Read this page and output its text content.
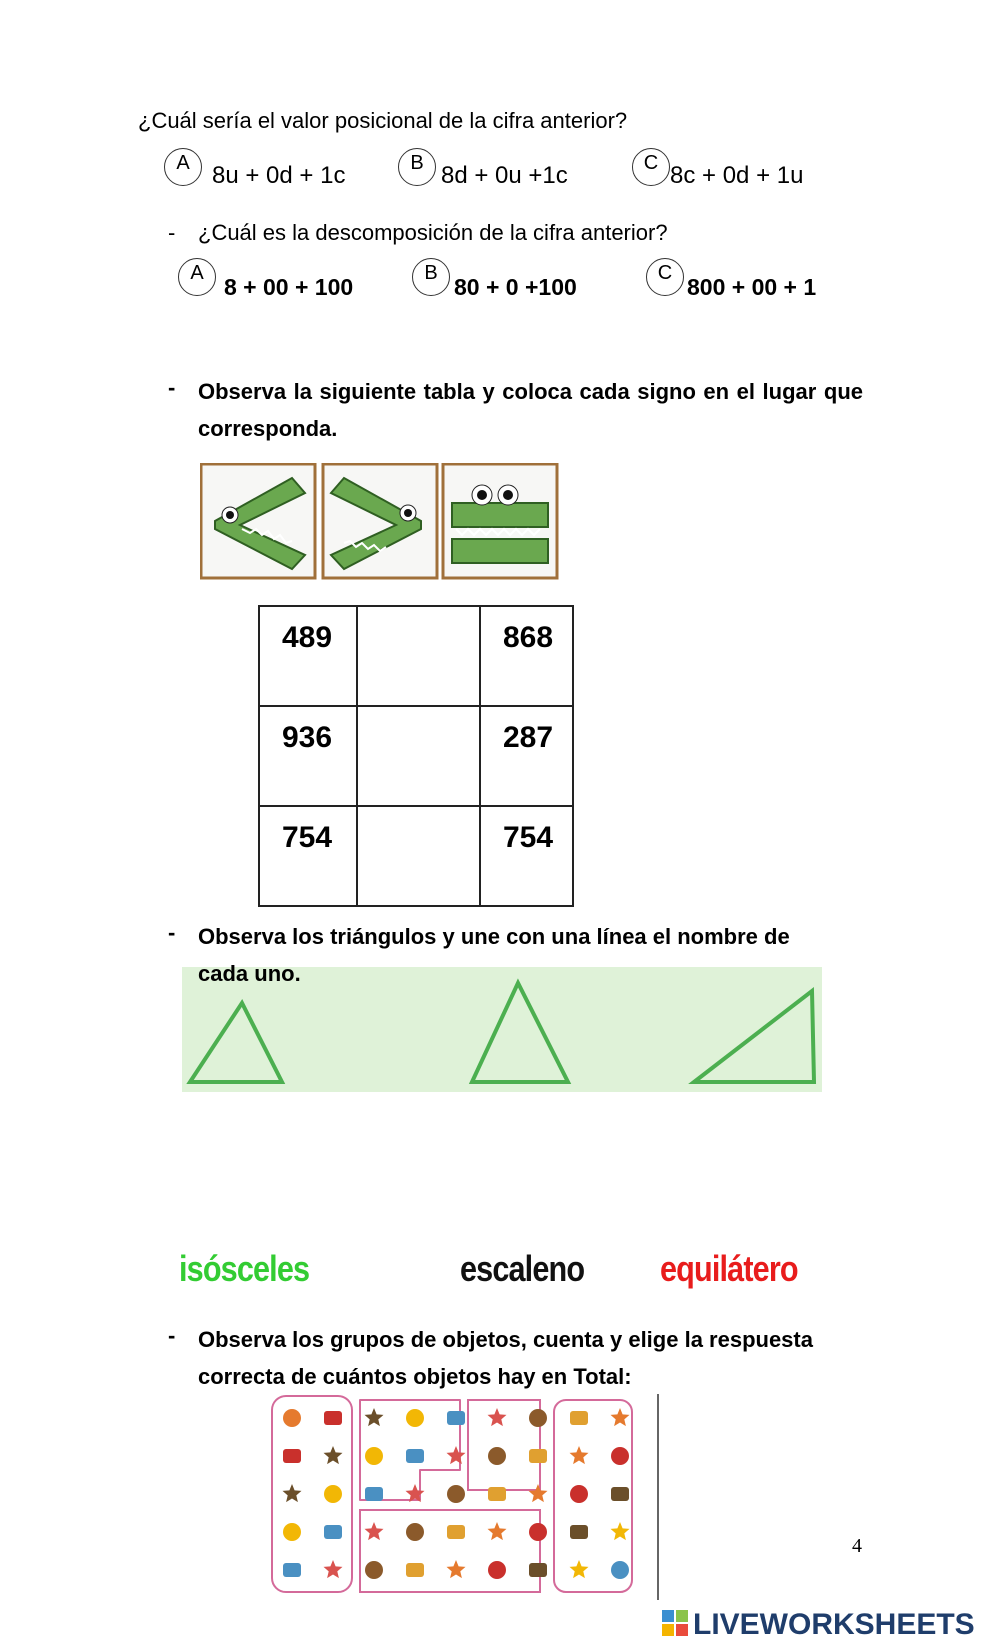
¿Cuál sería el valor posicional de la cifra anterior?
A 8u + 0d + 1c	B 8d + 0u +1c	C 8c + 0d + 1u
- ¿Cuál es la descomposición de la cifra anterior?
A
8 + 00 + 100
B
80 + 0 +100
C
800 + 00 + 1
- Observa la siguiente tabla y coloca cada signo en el lugar que corresponda.
489		868
936		287
754		754
- Observa los triángulos y une con una línea el nombre de cada uno.
isósceles	escaleno equilátero
- Observa los grupos de objetos, cuenta y elige la respuesta correcta de cuántos objetos hay en Total:
4
LIVEWORKSHEETS
